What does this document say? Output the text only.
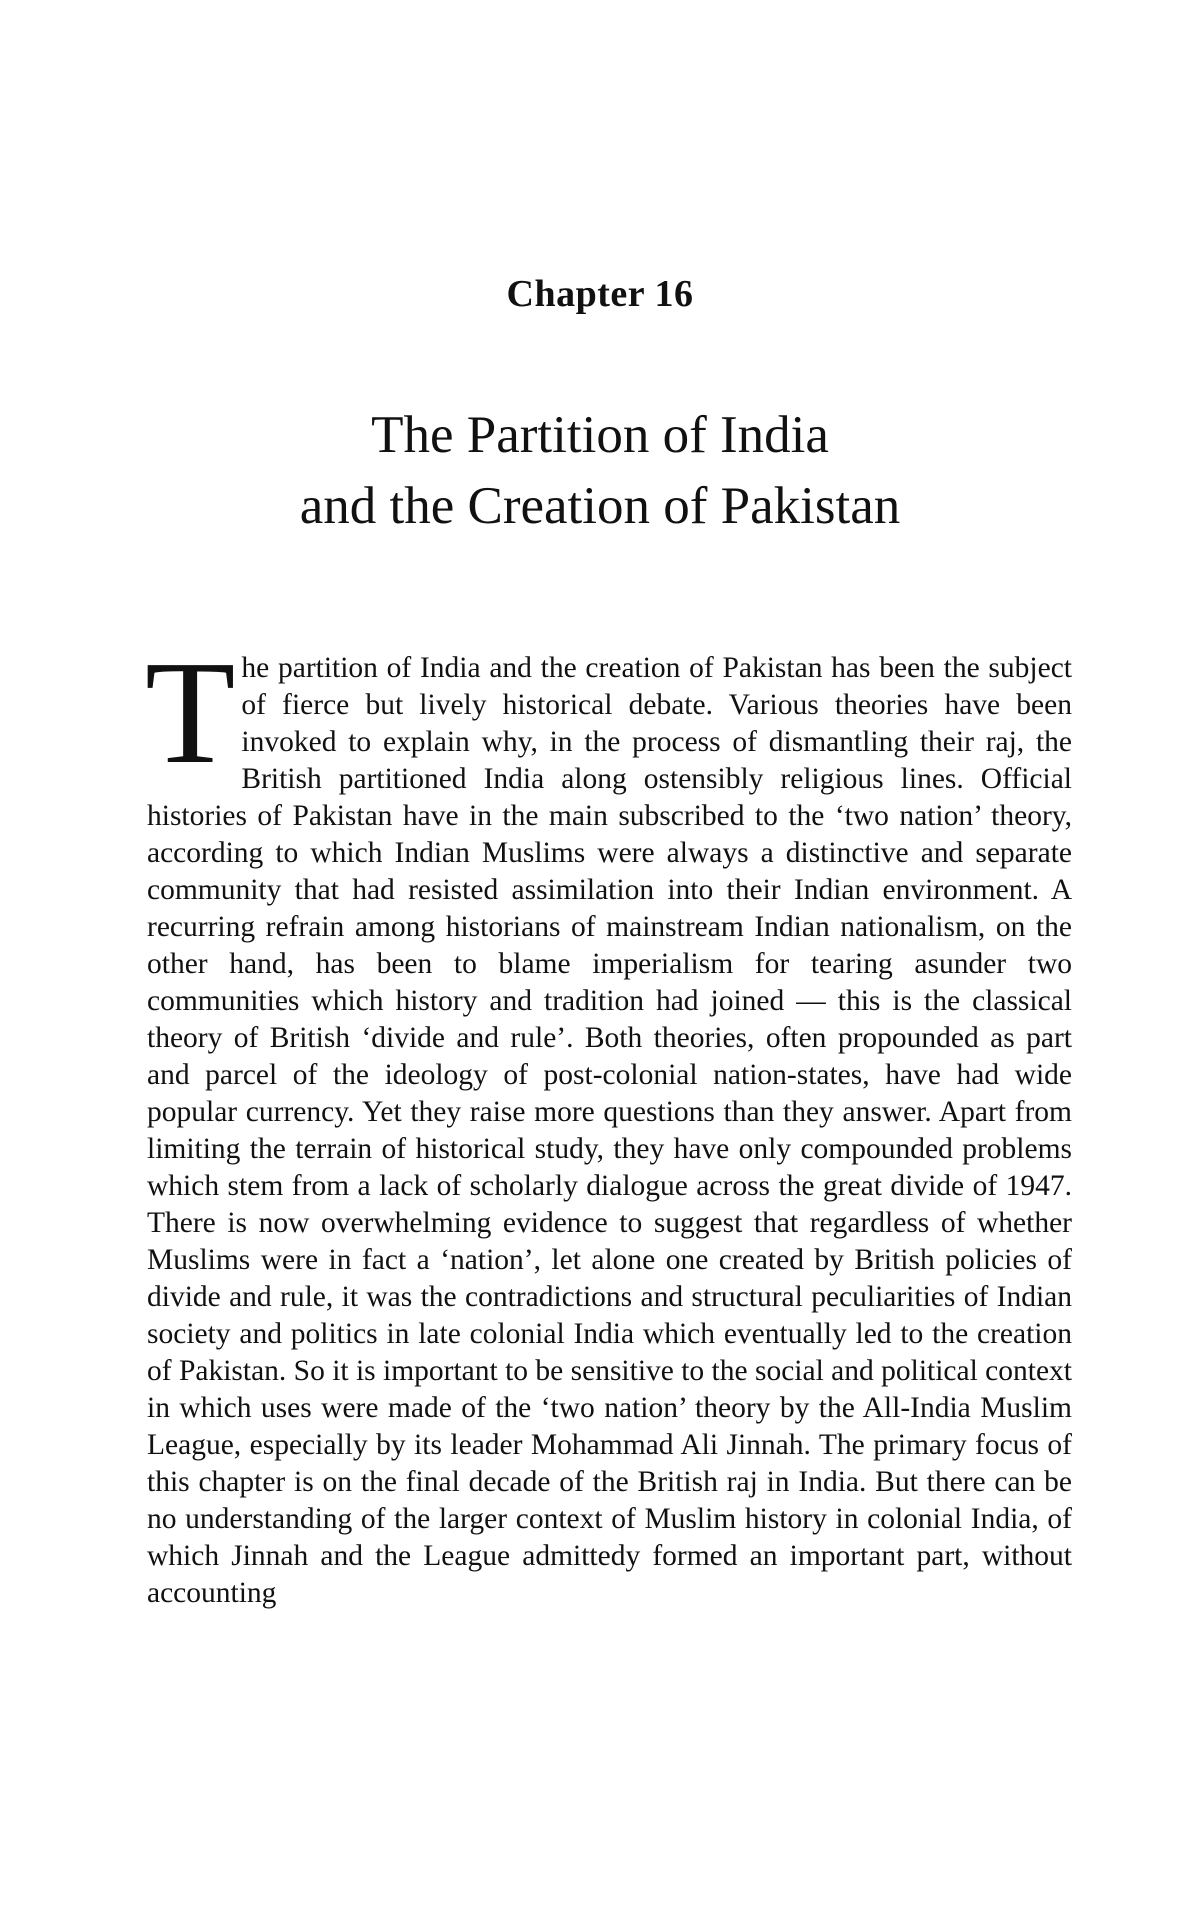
Chapter 16
The Partition of India
and the Creation of Pakistan

The partition of India and the creation of Pakistan has been the subject of fierce but lively historical debate. Various theories have been invoked to explain why, in the process of dismantling their raj, the British partitioned India along ostensibly religious lines. Official histories of Pakistan have in the main subscribed to the ‘two nation’ theory, according to which Indian Muslims were always a distinctive and separate community that had resisted assimilation into their Indian environment. A recurring refrain among historians of mainstream Indian nationalism, on the other hand, has been to blame imperialism for tearing asunder two communities which history and tradition had joined — this is the classical theory of British ‘divide and rule’. Both theories, often propounded as part and parcel of the ideology of post-colonial nation-states, have had wide popular currency. Yet they raise more questions than they answer. Apart from limiting the terrain of historical study, they have only compounded problems which stem from a lack of scholarly dialogue across the great divide of 1947. There is now overwhelming evidence to suggest that regardless of whether Muslims were in fact a ‘nation’, let alone one created by British policies of divide and rule, it was the contradictions and structural peculiarities of Indian society and politics in late colonial India which eventually led to the creation of Pakistan. So it is important to be sensitive to the social and political context in which uses were made of the ‘two nation’ theory by the All-India Muslim League, especially by its leader Mohammad Ali Jinnah. The primary focus of this chapter is on the final decade of the British raj in India. But there can be no understanding of the larger context of Muslim history in colonial India, of which Jinnah and the League admittedy formed an important part, without accounting
